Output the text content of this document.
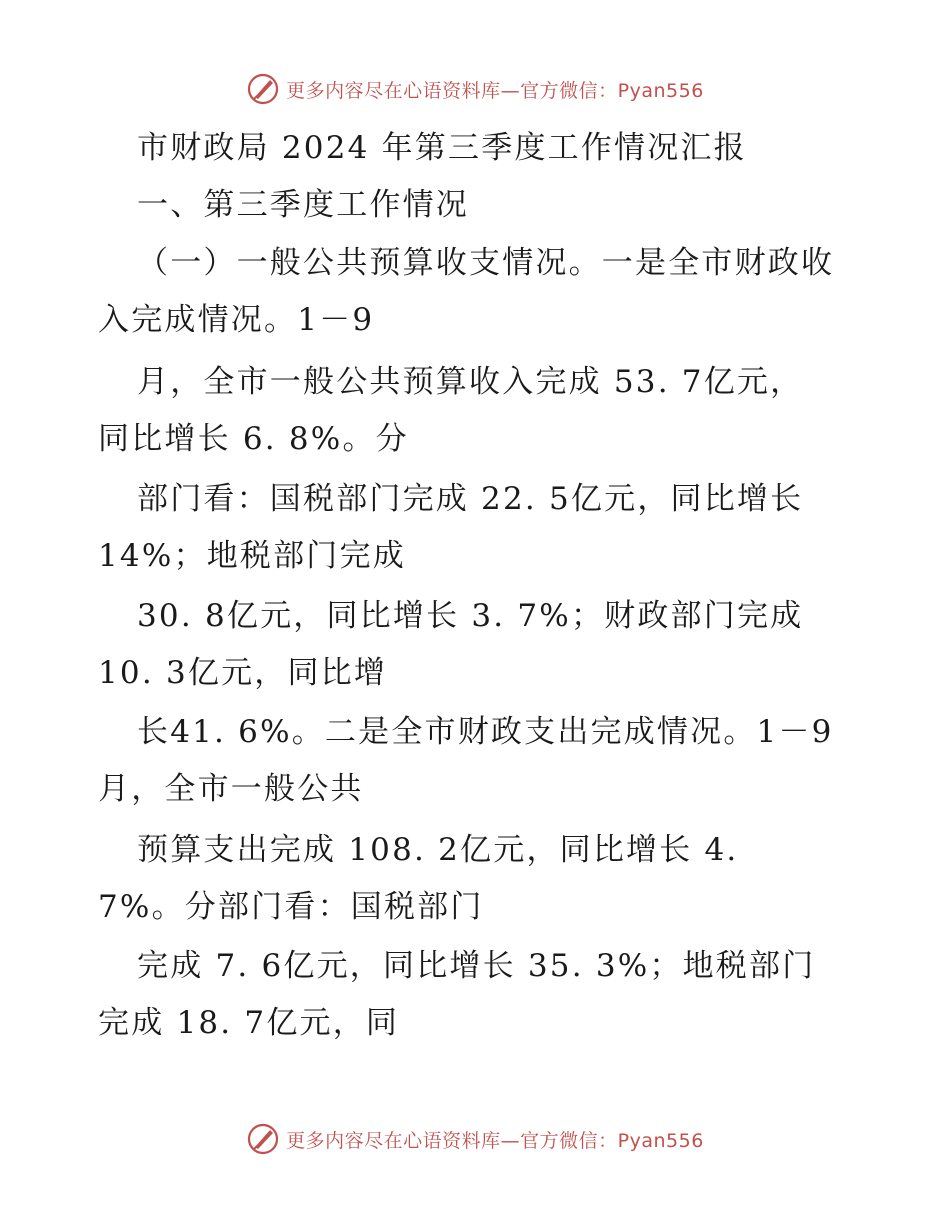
更多内容尽在心语资料库—官方微信：Pyan556
市财政局 2024 年第三季度工作情况汇报
一、第三季度工作情况
（一）一般公共预算收支情况。一是全市财政收
入完成情况。1－9
月，全市一般公共预算收入完成 53. 7亿元，
同比增长 6. 8%。分
部门看：国税部门完成 22. 5亿元，同比增长
14%；地税部门完成
30. 8亿元，同比增长 3. 7%；财政部门完成
10. 3亿元，同比增
长41. 6%。二是全市财政支出完成情况。1－9
月，全市一般公共
预算支出完成 108. 2亿元，同比增长 4.
7%。分部门看：国税部门
完成 7. 6亿元，同比增长 35. 3%；地税部门
完成 18. 7亿元，同
更多内容尽在心语资料库—官方微信：Pyan556
